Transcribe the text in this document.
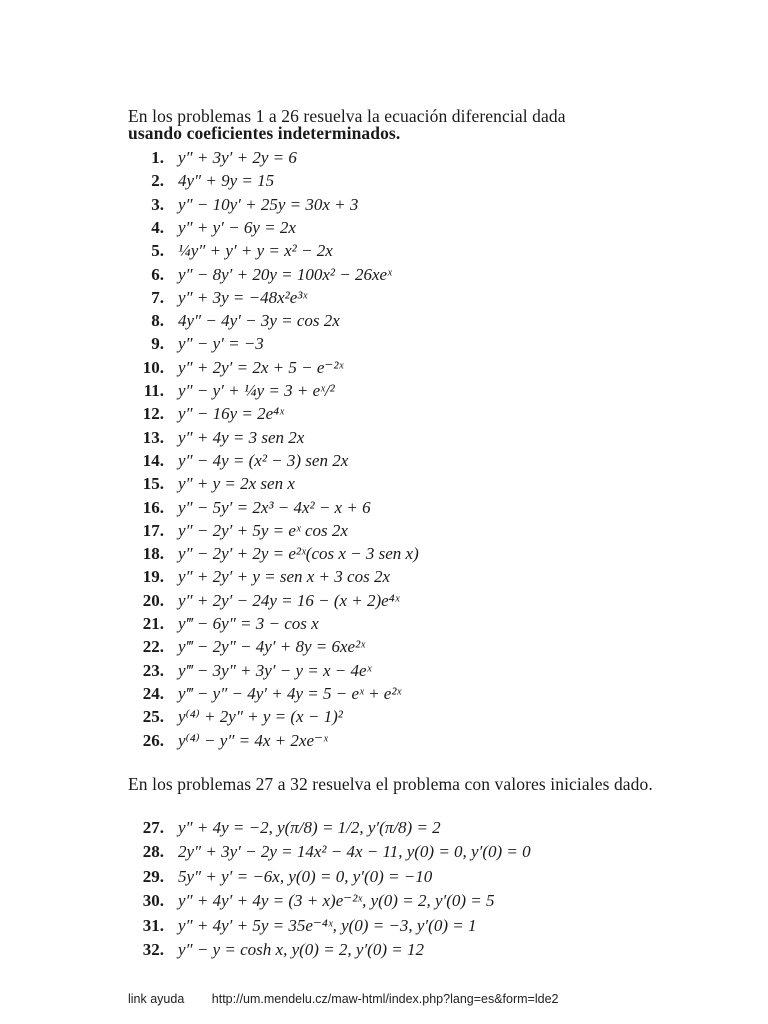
En los problemas 1 a 26 resuelva la ecuación diferencial dada
usando coeficientes indeterminados.
1. y″ + 3y′ + 2y = 6
2. 4y″ + 9y = 15
3. y″ − 10y′ + 25y = 30x + 3
4. y″ + y′ − 6y = 2x
5. ¼y″ + y′ + y = x² − 2x
6. y″ − 8y′ + 20y = 100x² − 26xeˣ
7. y″ + 3y = −48x²e³ˣ
8. 4y″ − 4y′ − 3y = cos 2x
9. y″ − y′ = −3
10. y″ + 2y′ = 2x + 5 − e⁻²ˣ
11. y″ − y′ + ¼y = 3 + eˣ/²
12. y″ − 16y = 2e⁴ˣ
13. y″ + 4y = 3 sen 2x
14. y″ − 4y = (x² − 3) sen 2x
15. y″ + y = 2x sen x
16. y″ − 5y′ = 2x³ − 4x² − x + 6
17. y″ − 2y′ + 5y = eˣ cos 2x
18. y″ − 2y′ + 2y = e²ˣ(cos x − 3 sen x)
19. y″ + 2y′ + y = sen x + 3 cos 2x
20. y″ + 2y′ − 24y = 16 − (x + 2)e⁴ˣ
21. y‴ − 6y″ = 3 − cos x
22. y‴ − 2y″ − 4y′ + 8y = 6xe²ˣ
23. y‴ − 3y″ + 3y′ − y = x − 4eˣ
24. y‴ − y″ − 4y′ + 4y = 5 − eˣ + e²ˣ
25. y⁽⁴⁾ + 2y″ + y = (x − 1)²
26. y⁽⁴⁾ − y″ = 4x + 2xe⁻ˣ
En los problemas 27 a 32 resuelva el problema con valores iniciales dado.
27. y″ + 4y = −2, y(π/8) = 1/2, y′(π/8) = 2
28. 2y″ + 3y′ − 2y = 14x² − 4x − 11, y(0) = 0, y′(0) = 0
29. 5y″ + y′ = −6x, y(0) = 0, y′(0) = −10
30. y″ + 4y′ + 4y = (3 + x)e⁻²ˣ, y(0) = 2, y′(0) = 5
31. y″ + 4y′ + 5y = 35e⁻⁴ˣ, y(0) = −3, y′(0) = 1
32. y″ − y = cosh x, y(0) = 2, y′(0) = 12
link ayuda http://um.mendelu.cz/maw-html/index.php?lang=es&form=lde2
